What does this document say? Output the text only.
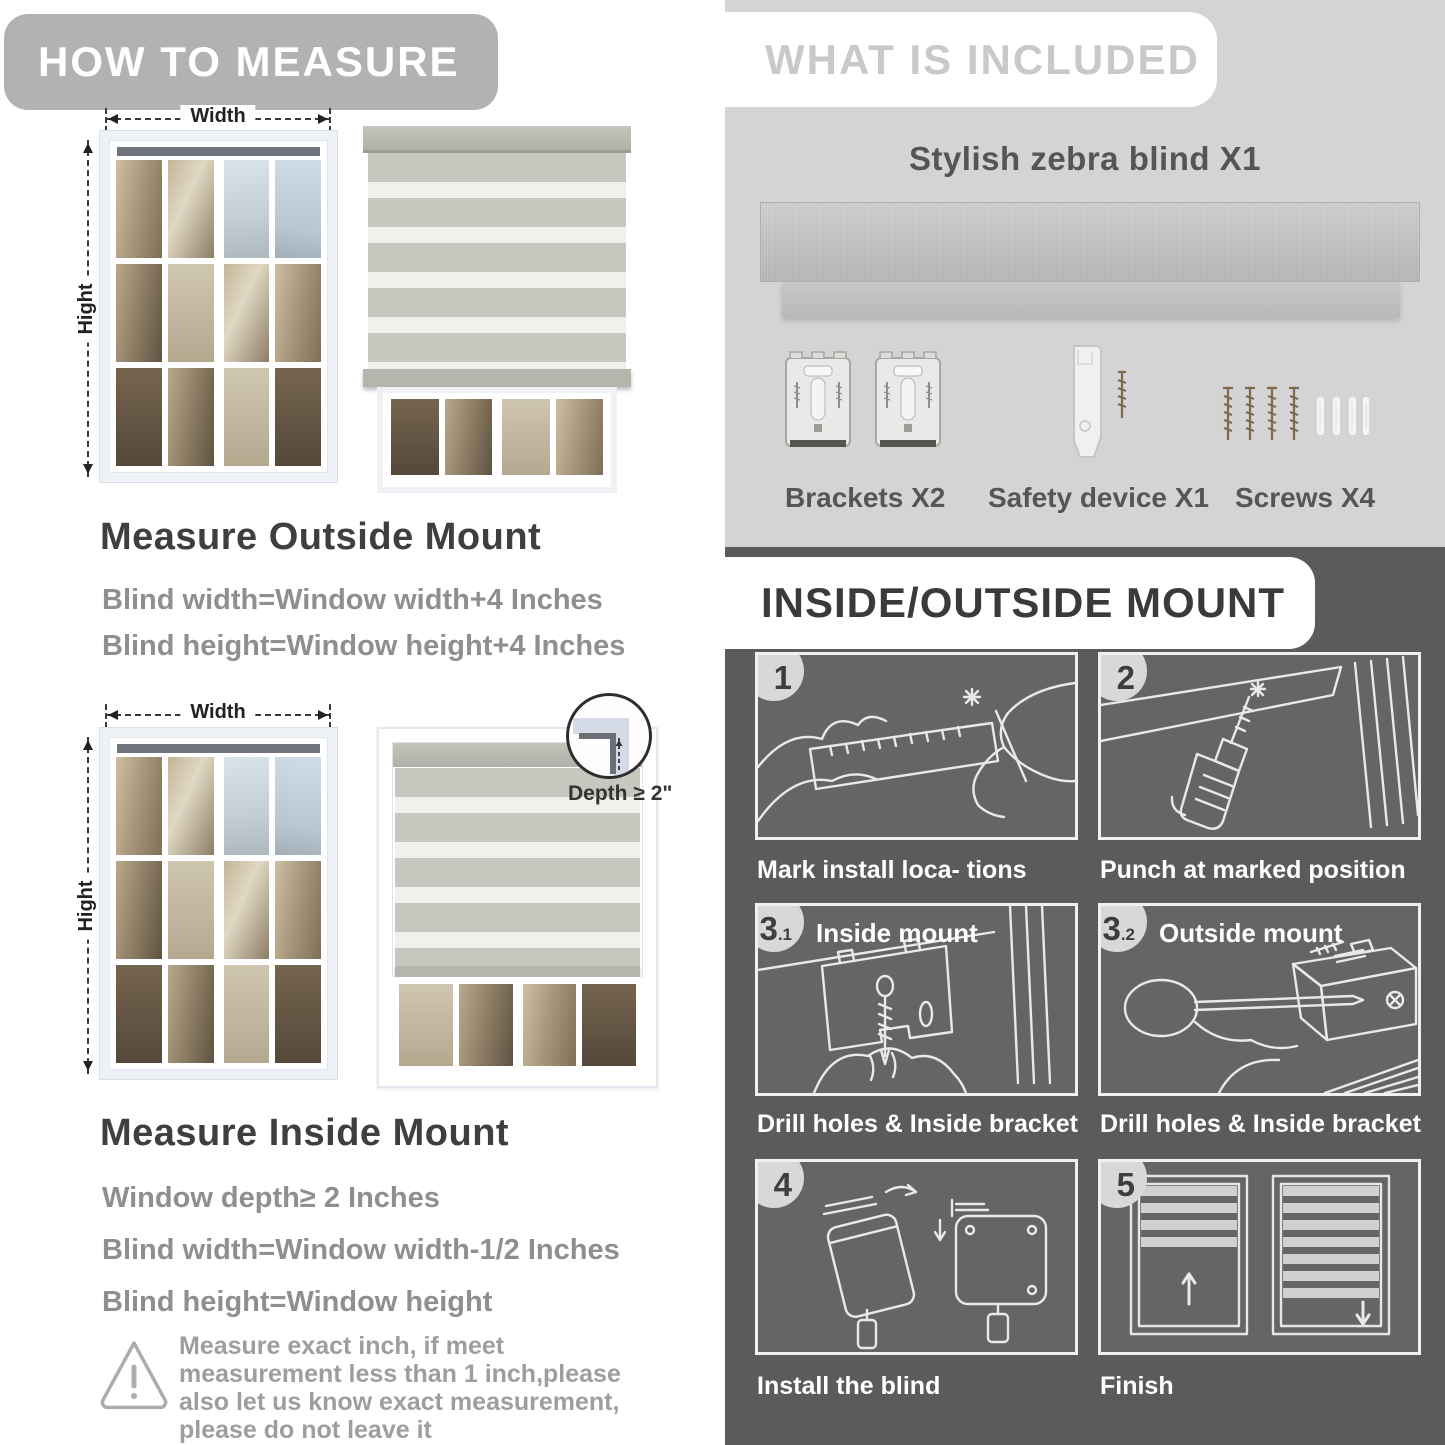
HOW TO MEASURE
Width
Hight
Measure Outside Mount
Blind width=Window width+4 Inches
Blind height=Window height+4 Inches
Width
Hight
Depth ≥ 2"
Measure Inside Mount
Window depth≥ 2 Inches
Blind width=Window width-1/2 Inches
Blind height=Window height
Measure exact inch, if meet measurement less than 1 inch,please also let us know exact measurement, please do not leave it
WHAT IS INCLUDED
Stylish zebra blind X1
Brackets X2 Safety device X1 Screws X4
INSIDE/OUTSIDE MOUNT
1	2
Mark install loca- tions	Punch at marked position
3 .1 Inside mount	3 .2 Outside mount
Drill holes & Inside bracket Drill holes & Inside bracket
4	5
Install the blind	Finish
